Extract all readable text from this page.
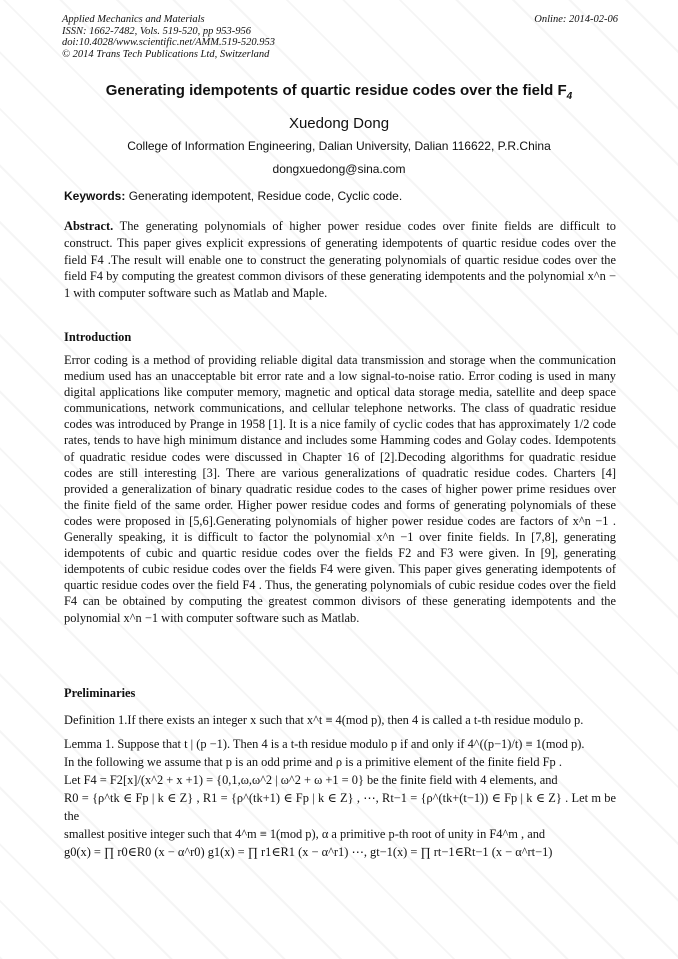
Applied Mechanics and Materials
ISSN: 1662-7482, Vols. 519-520, pp 953-956
doi:10.4028/www.scientific.net/AMM.519-520.953
© 2014 Trans Tech Publications Ltd, Switzerland
Online: 2014-02-06
Generating idempotents of quartic residue codes over the field $F_4$
Xuedong Dong
College of Information Engineering, Dalian University, Dalian 116622, P.R.China
dongxuedong@sina.com
Keywords: Generating idempotent, Residue code, Cyclic code.
Abstract. The generating polynomials of higher power residue codes over finite fields are difficult to construct. This paper gives explicit expressions of generating idempotents of quartic residue codes over the field F4 .The result will enable one to construct the generating polynomials of quartic residue codes over the field F4 by computing the greatest common divisors of these generating idempotents and the polynomial x^n − 1 with computer software such as Matlab and Maple.
Introduction
Error coding is a method of providing reliable digital data transmission and storage when the communication medium used has an unacceptable bit error rate and a low signal-to-noise ratio. Error coding is used in many digital applications like computer memory, magnetic and optical data storage media, satellite and deep space communications, network communications, and cellular telephone networks. The class of quadratic residue codes was introduced by Prange in 1958 [1]. It is a nice family of cyclic codes that has approximately 1/2 code rates, tends to have high minimum distance and includes some Hamming codes and Golay codes. Idempotents of quadratic residue codes were discussed in Chapter 16 of [2].Decoding algorithms for quadratic residue codes are still interesting [3]. There are various generalizations of quadratic residue codes. Charters [4] provided a generalization of binary quadratic residue codes to the cases of higher power prime residues over the finite field of the same order. Higher power residue codes and forms of generating polynomials of these codes were proposed in [5,6].Generating polynomials of higher power residue codes are factors of x^n −1 . Generally speaking, it is difficult to factor the polynomial x^n −1 over finite fields. In [7,8], generating idempotents of cubic and quartic residue codes over the fields F2 and F3 were given. In [9], generating idempotents of cubic residue codes over the fields F4 were given. This paper gives generating idempotents of quartic residue codes over the field F4 . Thus, the generating polynomials of cubic residue codes over the field F4 can be obtained by computing the greatest common divisors of these generating idempotents and the polynomial x^n −1 with computer software such as Matlab.
Preliminaries

Definition 1.If there exists an integer x such that x^t ≡ 4(mod p), then 4 is called a t-th residue modulo p.

Lemma 1. Suppose that t | (p −1). Then 4 is a t-th residue modulo p if and only if 4^((p−1)/t) ≡ 1(mod p).

In the following we assume that p is an odd prime and ρ is a primitive element of the finite field Fp .

Let F4 = F2[x]/(x^2 + x +1) = {0,1,ω,ω^2 | ω^2 + ω +1 = 0} be the finite field with 4 elements, and

R0 = {ρ^tk ∈ Fp | k ∈ Z} , R1 = {ρ^(tk+1) ∈ Fp | k ∈ Z} , ⋯, Rt−1 = {ρ^(tk+(t−1)) ∈ Fp | k ∈ Z} . Let m be the

smallest positive integer such that 4^m ≡ 1(mod p), α a primitive p-th root of unity in F4^m , and

g0(x) = ∏ r0∈R0 (x − α^r0) g1(x) = ∏ r1∈R1 (x − α^r1) ⋯, gt−1(x) = ∏ rt−1∈Rt−1 (x − α^rt−1)
